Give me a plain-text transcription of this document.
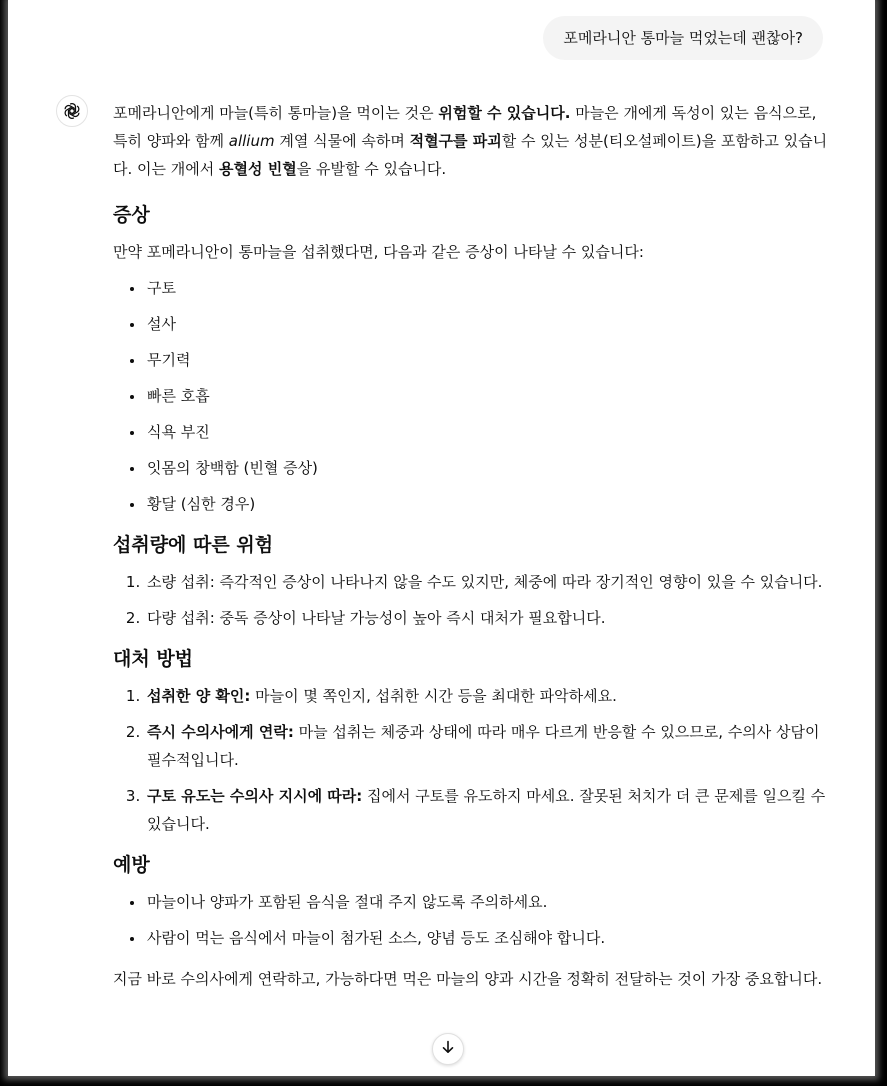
포메라니안 통마늘 먹었는데 괜찮아?

포메라니안에게 마늘(특히 통마늘)을 먹이는 것은 위험할 수 있습니다. 마늘은 개에게 독성이 있는 음식으로, 특히 양파와 함께 allium 계열 식물에 속하며 적혈구를 파괴할 수 있는 성분(티오설페이트)을 포함하고 있습니다. 이는 개에서 용혈성 빈혈을 유발할 수 있습니다.

증상

만약 포메라니안이 통마늘을 섭취했다면, 다음과 같은 증상이 나타날 수 있습니다:

• 구토
• 설사
• 무기력
• 빠른 호흡
• 식욕 부진
• 잇몸의 창백함 (빈혈 증상)
• 황달 (심한 경우)
섭취량에 따른 위험
1. 소량 섭취: 즉각적인 증상이 나타나지 않을 수도 있지만, 체중에 따라 장기적인 영향이 있을 수 있습니다.
2. 다량 섭취: 중독 증상이 나타날 가능성이 높아 즉시 대처가 필요합니다.
대처 방법
1. 섭취한 양 확인: 마늘이 몇 쪽인지, 섭취한 시간 등을 최대한 파악하세요.
2. 즉시 수의사에게 연락: 마늘 섭취는 체중과 상태에 따라 매우 다르게 반응할 수 있으므로, 수의사 상담이 필수적입니다.
3. 구토 유도는 수의사 지시에 따라: 집에서 구토를 유도하지 마세요. 잘못된 처치가 더 큰 문제를 일으킬 수 있습니다.
예방
• 마늘이나 양파가 포함된 음식을 절대 주지 않도록 주의하세요.
• 사람이 먹는 음식에서 마늘이 첨가된 소스, 양념 등도 조심해야 합니다.

지금 바로 수의사에게 연락하고, 가능하다면 먹은 마늘의 양과 시간을 정확히 전달하는 것이 가장 중요합니다.
